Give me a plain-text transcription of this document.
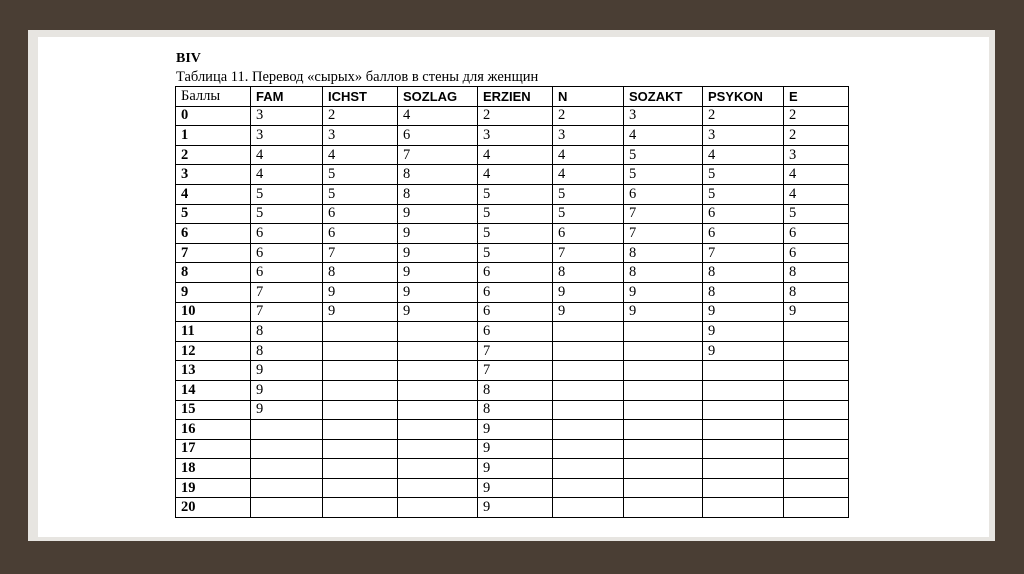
BIV
Таблица 11. Перевод «сырых» баллов в стены для женщин
Баллы	FAM	ICHST	SOZLAG	ERZIEN	N	SOZAKT	PSYKON	E
0	3	2	4	2	2	3	2	2
1	3	3	6	3	3	4	3	2
2	4	4	7	4	4	5	4	3
3	4	5	8	4	4	5	5	4
4	5	5	8	5	5	6	5	4
5	5	6	9	5	5	7	6	5
6	6	6	9	5	6	7	6	6
7	6	7	9	5	7	8	7	6
8	6	8	9	6	8	8	8	8
9	7	9	9	6	9	9	8	8
10	7	9	9	6	9	9	9	9
11	8			6			9	
12	8			7			9	
13	9			7				
14	9			8				
15	9			8				
16				9				
17				9				
18				9				
19				9				
20				9				
